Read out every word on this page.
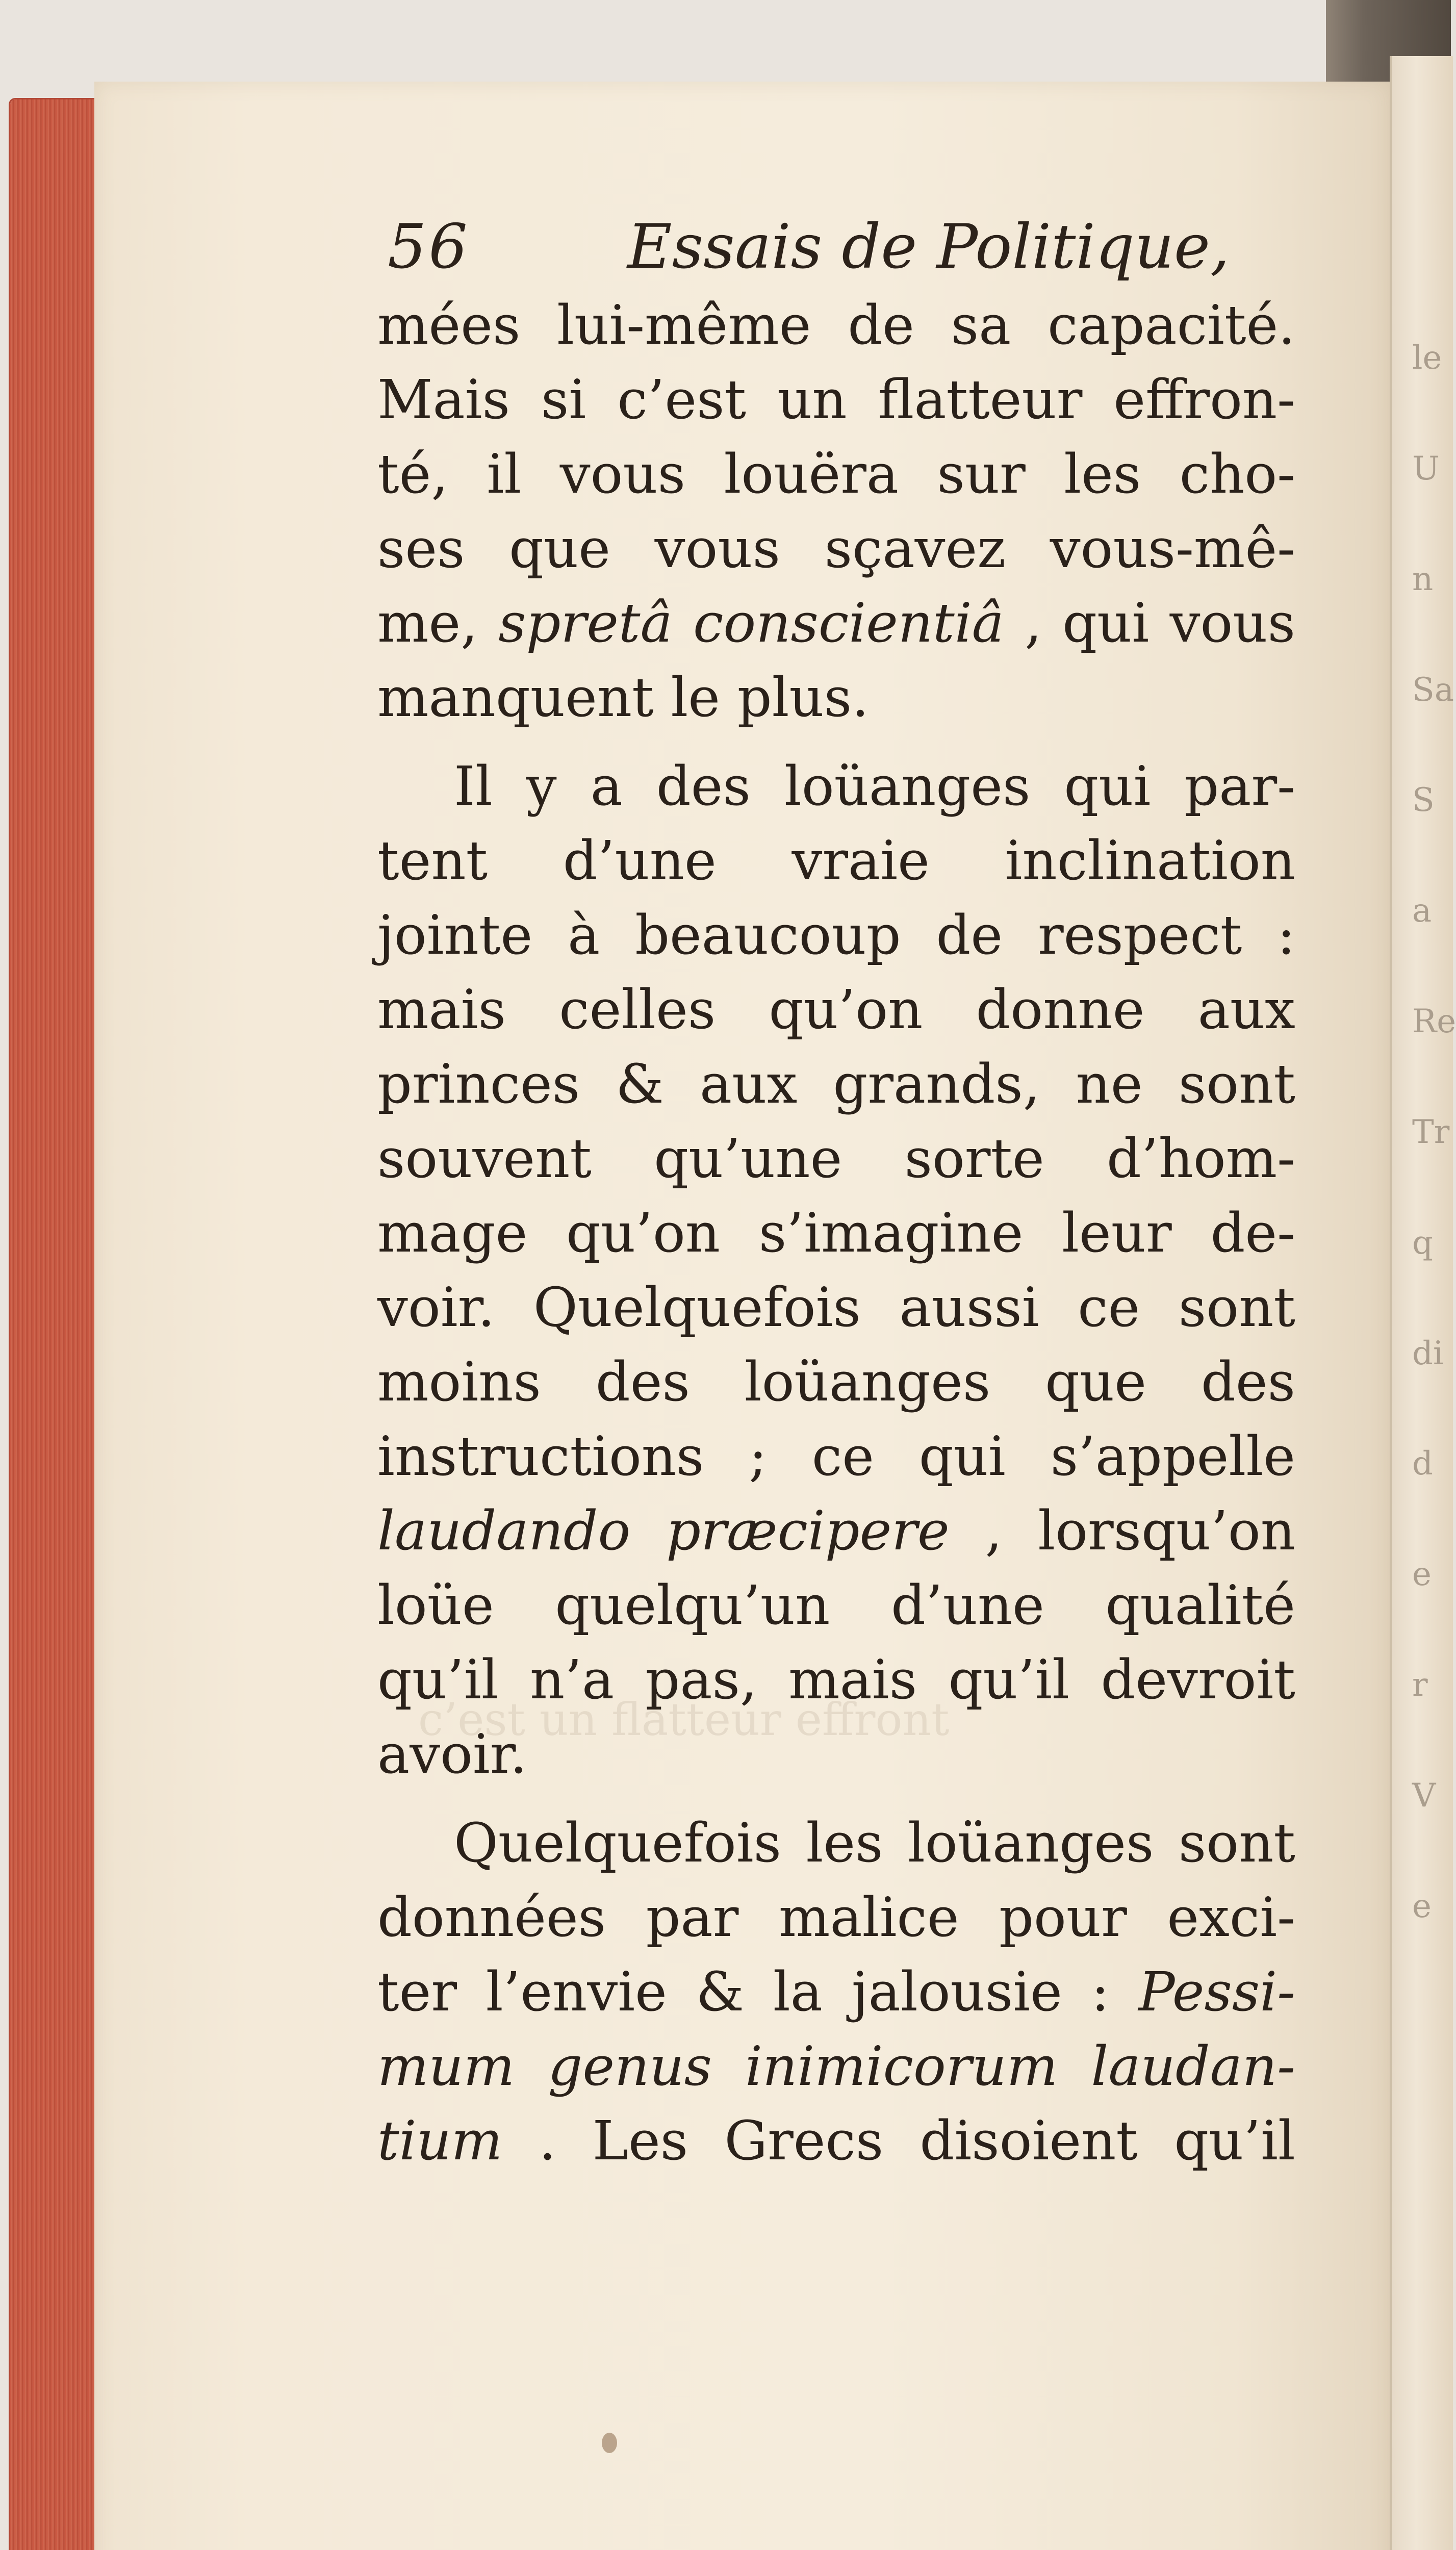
le
U
n
Sa
S
a
Re
Tr
q
di
d
e
r
V
e
c’est un flatteur effront
56	Essais de Politique,
mées lui-même de sa capacité.
Mais si c’est un flatteur effron-
té, il vous louëra sur les cho-
ses que vous sçavez vous-mê-
me, spretâ conscientiâ , qui vous
manquent le plus.
Il y a des loüanges qui par-
tent d’une vraie inclination
jointe à beaucoup de respect :
mais celles qu’on donne aux
princes & aux grands, ne sont
souvent qu’une sorte d’hom-
mage qu’on s’imagine leur de-
voir. Quelquefois aussi ce sont
moins des loüanges que des
instructions ; ce qui s’appelle
laudando præcipere , lorsqu’on
loüe quelqu’un d’une qualité
qu’il n’a pas, mais qu’il devroit
avoir.
Quelquefois les loüanges sont
données par malice pour exci-
ter l’envie & la jalousie : Pessi-
mum genus inimicorum laudan-
tium . Les Grecs disoient qu’il
